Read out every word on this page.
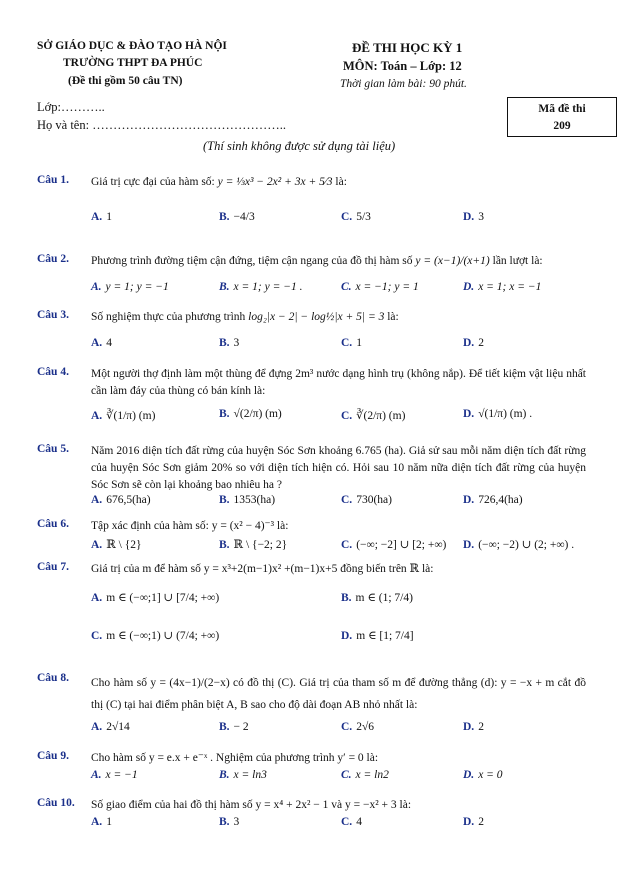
SỞ GIÁO DỤC & ĐÀO TẠO HÀ NỘI
TRƯỜNG THPT ĐA PHÚC
(Đề thi gồm 50 câu TN)
ĐỀ THI HỌC KỲ 1
MÔN: Toán – Lớp: 12
Thời gian làm bài: 90 phút.
Lớp:………..
Họ và tên: ………………………………………..
Mã đề thi
209
(Thí sinh không được sử dụng tài liệu)
Câu 1. Giá trị cực đại của hàm số: y = ⅓x³ − 2x² + 3x + 5⁄3 là:
A. 1	B. −4/3	C. 5/3	D. 3
Câu 2. Phương trình đường tiệm cận đứng, tiệm cận ngang của đồ thị hàm số y = (x−1)/(x+1) lần lượt là:
A. y = 1; y = −1	B. x = 1; y = −1 .	C. x = −1; y = 1	D. x = 1; x = −1
Câu 3. Số nghiệm thực của phương trình log₂|x − 2| − log½|x + 5| = 3 là:
A. 4	B. 3	C. 1	D. 2
Câu 4. Một người thợ định làm một thùng để đựng 2m³ nước dạng hình trụ (không nắp). Để tiết kiệm vật liệu nhất cần làm đáy của thùng có bán kính là:
A. ∛(1/π) (m)	B. √(2/π) (m)	C. ∛(2/π) (m)	D. √(1/π) (m) .
Câu 5. Năm 2016 diện tích đất rừng của huyện Sóc Sơn khoảng 6.765 (ha). Giả sử sau mỗi năm diện tích đất rừng của huyện Sóc Sơn giảm 20% so với diện tích hiện có. Hỏi sau 10 năm nữa diện tích đất rừng của huyện Sóc Sơn sẽ còn lại khoảng bao nhiêu ha ?
A. 676,5(ha)	B. 1353(ha)	C. 730(ha)	D. 726,4(ha)
Câu 6. Tập xác định của hàm số: y = (x² − 4)⁻³ là:
A. ℝ \ {2}	B. ℝ \ {−2; 2}	C. (−∞; −2] ∪ [2; +∞) D. (−∞; −2) ∪ (2; +∞) .
Câu 7. Giá trị của m để hàm số y = x³+2(m−1)x² +(m−1)x+5 đồng biến trên ℝ là:
A. m ∈ (−∞;1] ∪ [7/4; +∞)	B. m ∈ (1; 7/4)
C. m ∈ (−∞;1) ∪ (7/4; +∞)	D. m ∈ [1; 7/4]
Câu 8. Cho hàm số y = (4x−1)/(2−x) có đồ thị (C). Giá trị của tham số m để đường thẳng (d): y = −x + m cắt đồ thị (C) tại hai điểm phân biệt A, B sao cho độ dài đoạn AB nhỏ nhất là:
A. 2√14	B. − 2	C. 2√6	D. 2
Câu 9. Cho hàm số y = e.x + e⁻ˣ . Nghiệm của phương trình y′ = 0 là:
A. x = −1	B. x = ln3	C. x = ln2	D. x = 0
Câu 10. Số giao điểm của hai đồ thị hàm số y = x⁴ + 2x² − 1 và y = −x² + 3 là:
A. 1	B. 3	C. 4	D. 2
